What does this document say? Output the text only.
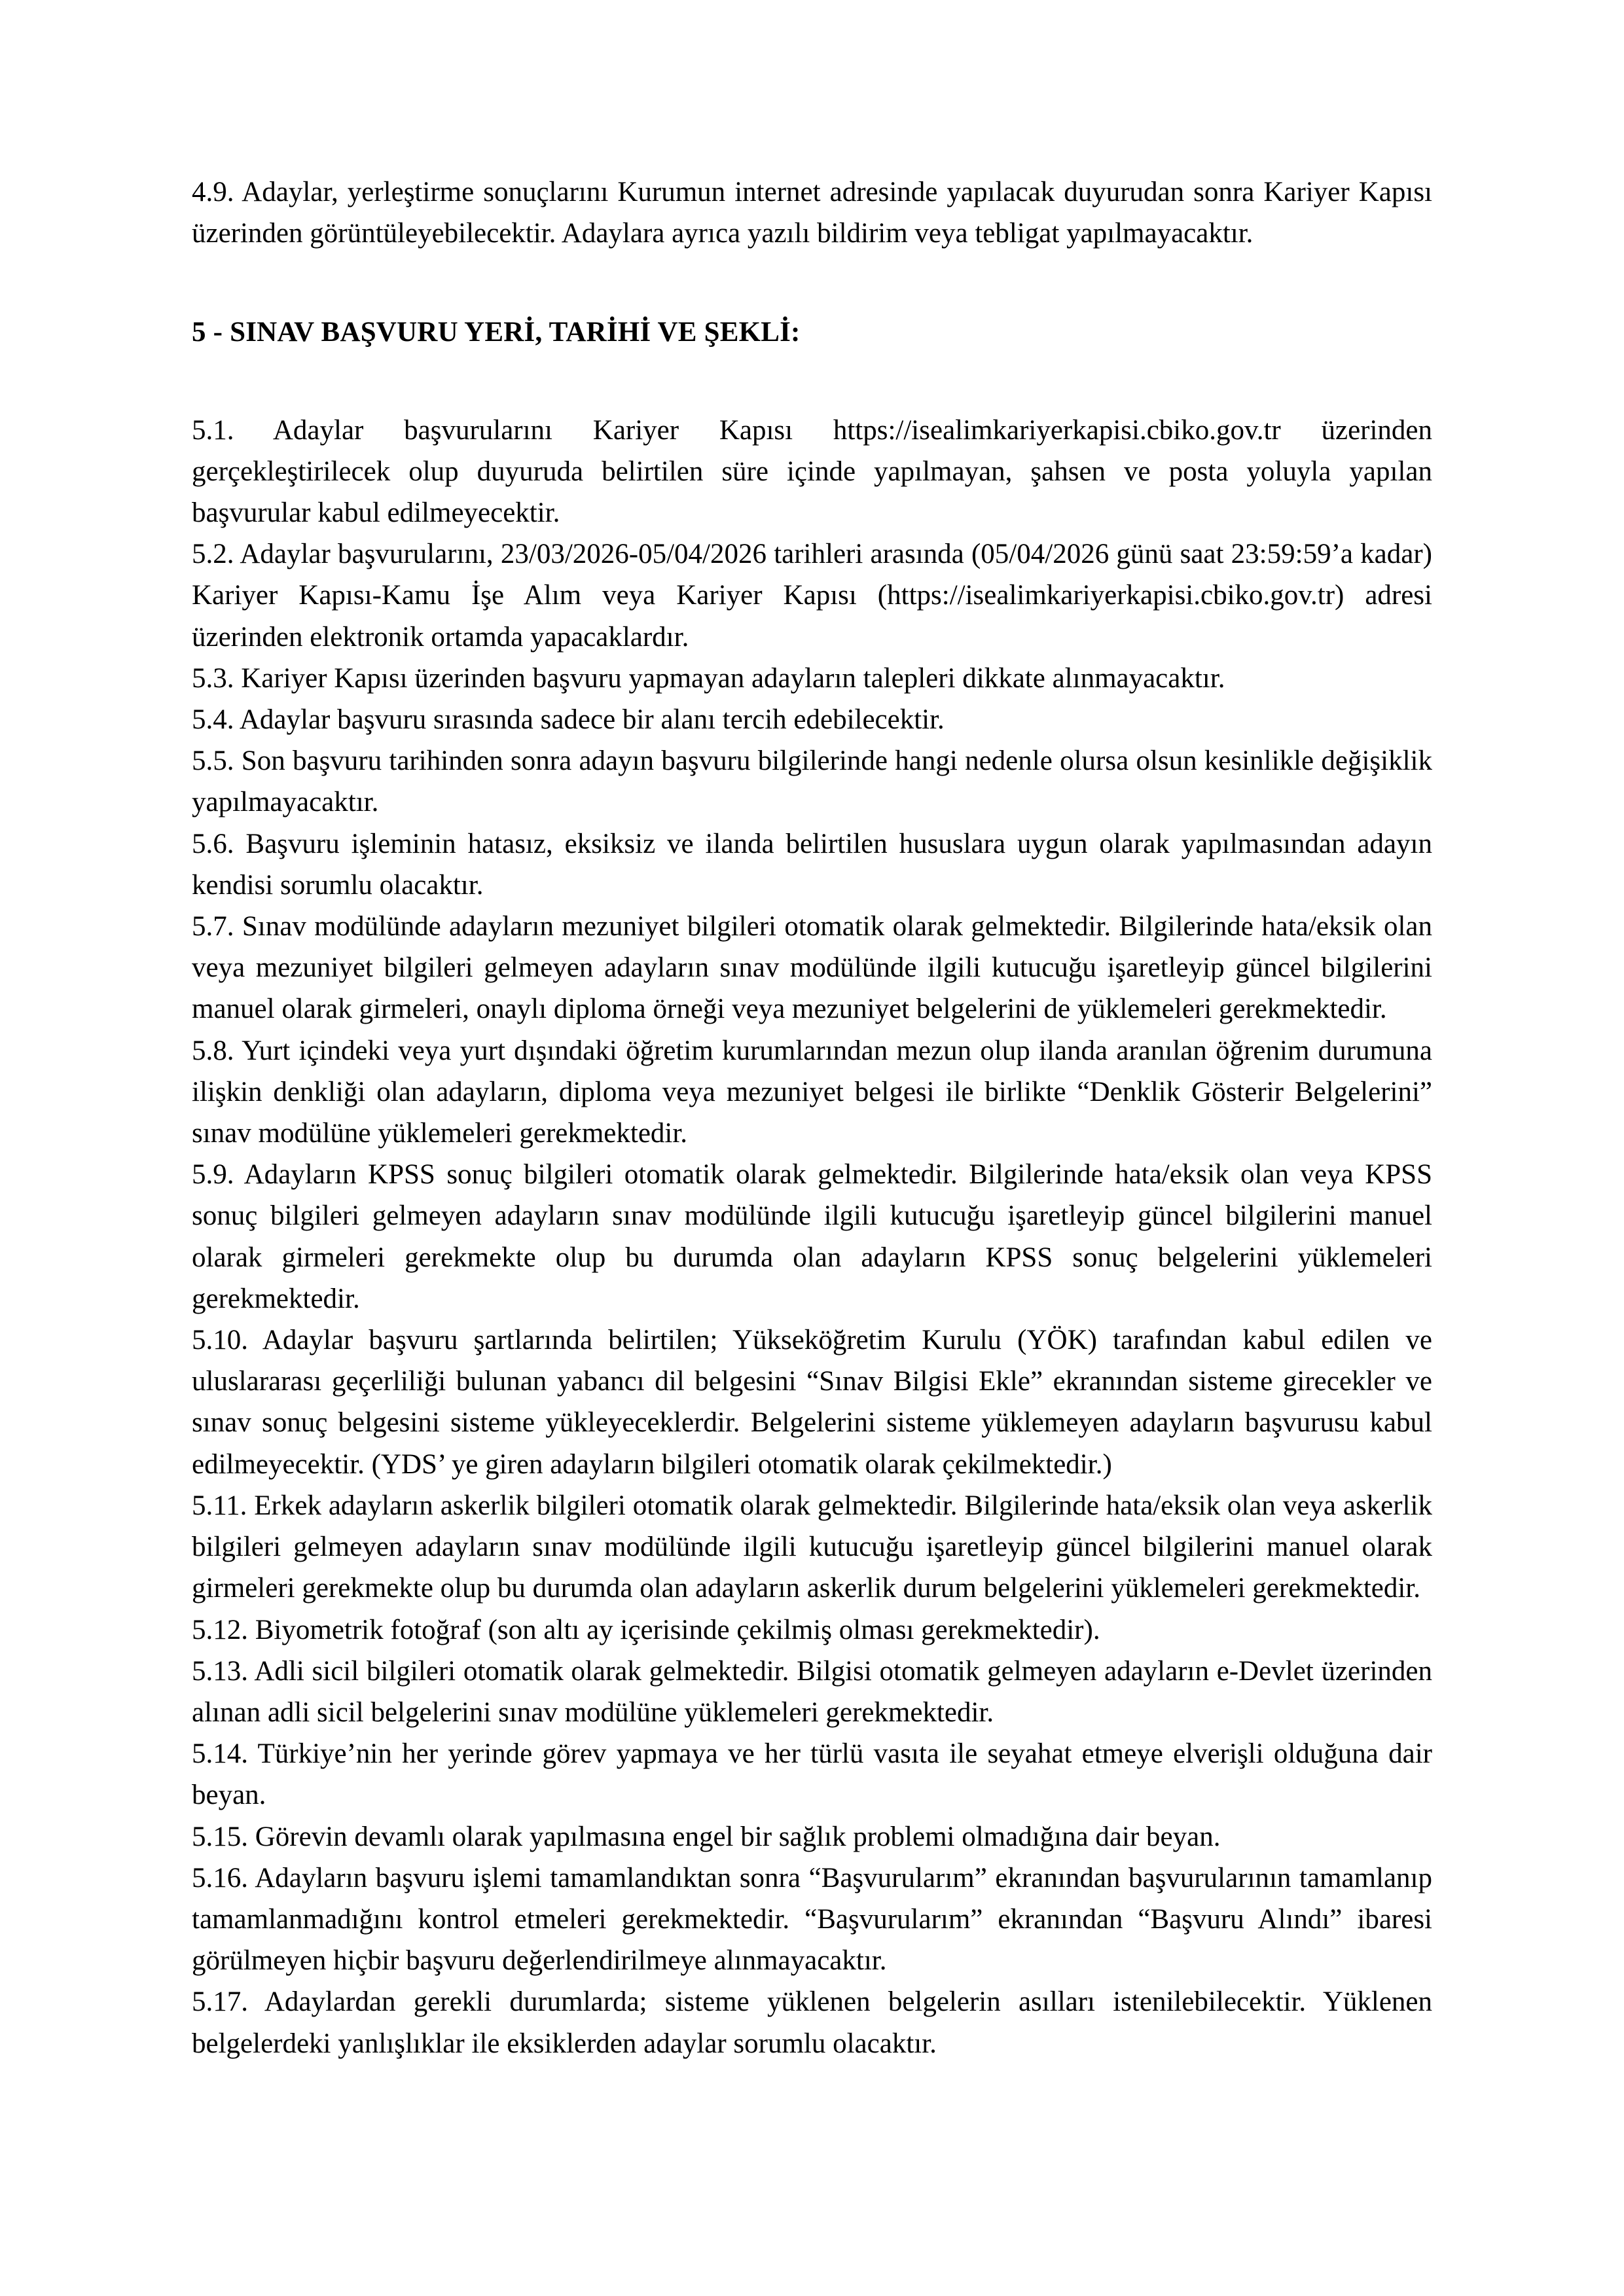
4.9. Adaylar, yerleştirme sonuçlarını Kurumun internet adresinde yapılacak duyurudan sonra Kariyer Kapısı üzerinden görüntüleyebilecektir. Adaylara ayrıca yazılı bildirim veya tebligat yapılmayacaktır.

5 - SINAV BAŞVURU YERİ, TARİHİ VE ŞEKLİ:

5.1. Adaylar başvurularını Kariyer Kapısı https://isealimkariyerkapisi.cbiko.gov.tr üzerinden gerçekleştirilecek olup duyuruda belirtilen süre içinde yapılmayan, şahsen ve posta yoluyla yapılan başvurular kabul edilmeyecektir.

5.2. Adaylar başvurularını, 23/03/2026-05/04/2026 tarihleri arasında (05/04/2026 günü saat 23:59:59’a kadar) Kariyer Kapısı-Kamu İşe Alım veya Kariyer Kapısı (https://isealimkariyerkapisi.cbiko.gov.tr) adresi üzerinden elektronik ortamda yapacaklardır.

5.3. Kariyer Kapısı üzerinden başvuru yapmayan adayların talepleri dikkate alınmayacaktır.

5.4. Adaylar başvuru sırasında sadece bir alanı tercih edebilecektir.

5.5. Son başvuru tarihinden sonra adayın başvuru bilgilerinde hangi nedenle olursa olsun kesinlikle değişiklik yapılmayacaktır.

5.6. Başvuru işleminin hatasız, eksiksiz ve ilanda belirtilen hususlara uygun olarak yapılmasından adayın kendisi sorumlu olacaktır.

5.7. Sınav modülünde adayların mezuniyet bilgileri otomatik olarak gelmektedir. Bilgilerinde hata/eksik olan veya mezuniyet bilgileri gelmeyen adayların sınav modülünde ilgili kutucuğu işaretleyip güncel bilgilerini manuel olarak girmeleri, onaylı diploma örneği veya mezuniyet belgelerini de yüklemeleri gerekmektedir.

5.8. Yurt içindeki veya yurt dışındaki öğretim kurumlarından mezun olup ilanda aranılan öğrenim durumuna ilişkin denkliği olan adayların, diploma veya mezuniyet belgesi ile birlikte “Denklik Gösterir Belgelerini” sınav modülüne yüklemeleri gerekmektedir.

5.9. Adayların KPSS sonuç bilgileri otomatik olarak gelmektedir. Bilgilerinde hata/eksik olan veya KPSS sonuç bilgileri gelmeyen adayların sınav modülünde ilgili kutucuğu işaretleyip güncel bilgilerini manuel olarak girmeleri gerekmekte olup bu durumda olan adayların KPSS sonuç belgelerini yüklemeleri gerekmektedir.

5.10. Adaylar başvuru şartlarında belirtilen; Yükseköğretim Kurulu (YÖK) tarafından kabul edilen ve uluslararası geçerliliği bulunan yabancı dil belgesini “Sınav Bilgisi Ekle” ekranından sisteme girecekler ve sınav sonuç belgesini sisteme yükleyeceklerdir. Belgelerini sisteme yüklemeyen adayların başvurusu kabul edilmeyecektir. (YDS’ ye giren adayların bilgileri otomatik olarak çekilmektedir.)

5.11. Erkek adayların askerlik bilgileri otomatik olarak gelmektedir. Bilgilerinde hata/eksik olan veya askerlik bilgileri gelmeyen adayların sınav modülünde ilgili kutucuğu işaretleyip güncel bilgilerini manuel olarak girmeleri gerekmekte olup bu durumda olan adayların askerlik durum belgelerini yüklemeleri gerekmektedir.

5.12. Biyometrik fotoğraf (son altı ay içerisinde çekilmiş olması gerekmektedir).

5.13. Adli sicil bilgileri otomatik olarak gelmektedir. Bilgisi otomatik gelmeyen adayların e-Devlet üzerinden alınan adli sicil belgelerini sınav modülüne yüklemeleri gerekmektedir.

5.14. Türkiye’nin her yerinde görev yapmaya ve her türlü vasıta ile seyahat etmeye elverişli olduğuna dair beyan.

5.15. Görevin devamlı olarak yapılmasına engel bir sağlık problemi olmadığına dair beyan.

5.16. Adayların başvuru işlemi tamamlandıktan sonra “Başvurularım” ekranından başvurularının tamamlanıp tamamlanmadığını kontrol etmeleri gerekmektedir. “Başvurularım” ekranından “Başvuru Alındı” ibaresi görülmeyen hiçbir başvuru değerlendirilmeye alınmayacaktır.

5.17. Adaylardan gerekli durumlarda; sisteme yüklenen belgelerin asılları istenilebilecektir. Yüklenen belgelerdeki yanlışlıklar ile eksiklerden adaylar sorumlu olacaktır.
